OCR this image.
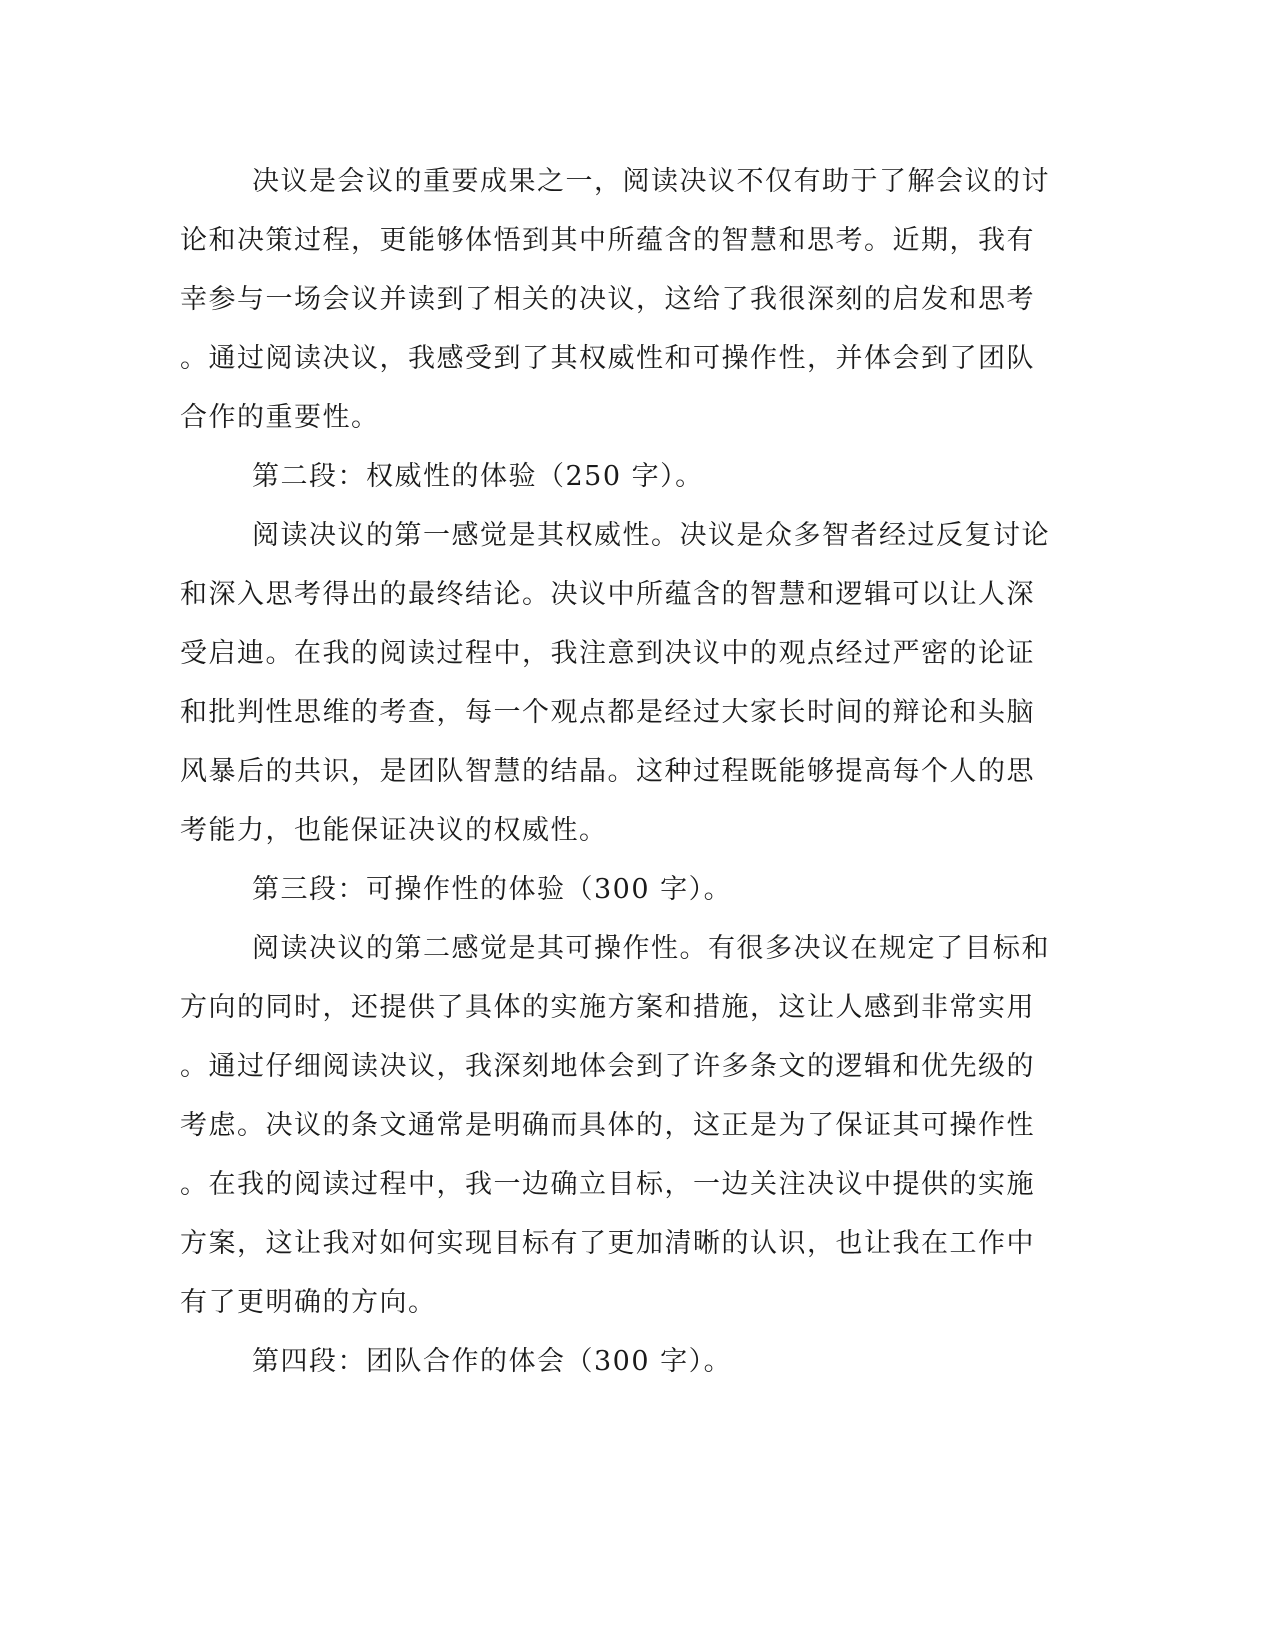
决议是会议的重要成果之一，阅读决议不仅有助于了解会议的讨
论和决策过程，更能够体悟到其中所蕴含的智慧和思考。近期，我有
幸参与一场会议并读到了相关的决议，这给了我很深刻的启发和思考
。通过阅读决议，我感受到了其权威性和可操作性，并体会到了团队
合作的重要性。
第二段：权威性的体验（250 字）。
阅读决议的第一感觉是其权威性。决议是众多智者经过反复讨论
和深入思考得出的最终结论。决议中所蕴含的智慧和逻辑可以让人深
受启迪。在我的阅读过程中，我注意到决议中的观点经过严密的论证
和批判性思维的考查，每一个观点都是经过大家长时间的辩论和头脑
风暴后的共识，是团队智慧的结晶。这种过程既能够提高每个人的思
考能力，也能保证决议的权威性。
第三段：可操作性的体验（300 字）。
阅读决议的第二感觉是其可操作性。有很多决议在规定了目标和
方向的同时，还提供了具体的实施方案和措施，这让人感到非常实用
。通过仔细阅读决议，我深刻地体会到了许多条文的逻辑和优先级的
考虑。决议的条文通常是明确而具体的，这正是为了保证其可操作性
。在我的阅读过程中，我一边确立目标，一边关注决议中提供的实施
方案，这让我对如何实现目标有了更加清晰的认识，也让我在工作中
有了更明确的方向。
第四段：团队合作的体会（300 字）。
